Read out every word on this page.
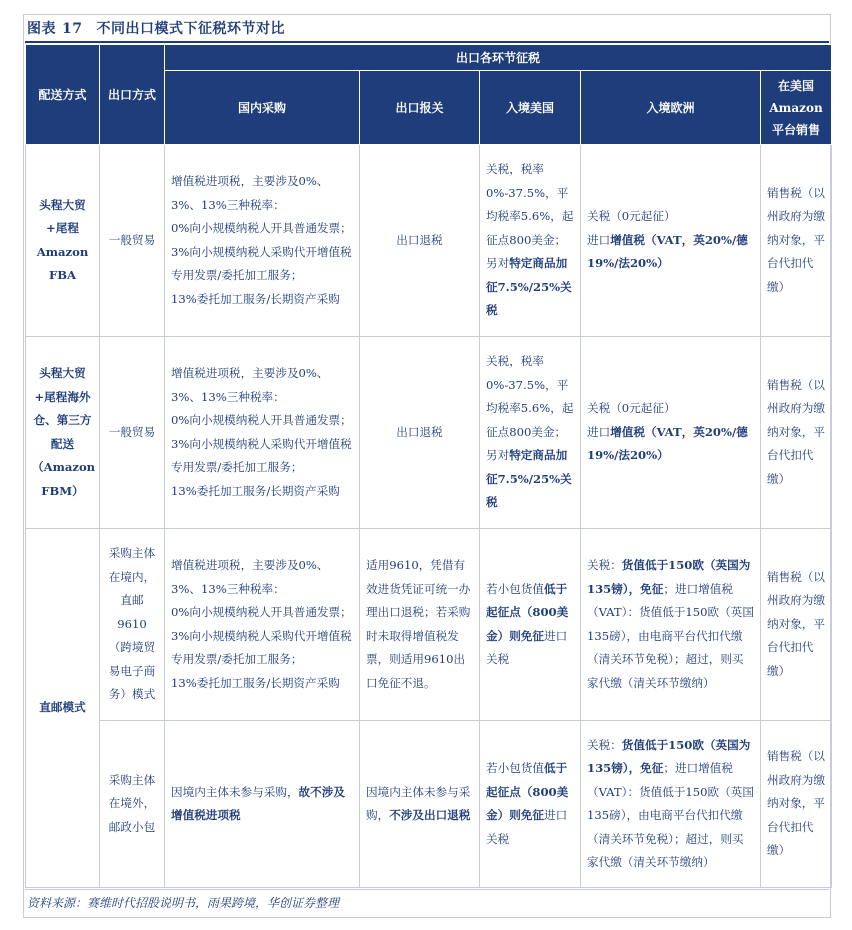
图表 17 不同出口模式下征税环节对比
配送方式	出口方式	出口各环节征税				
		国内采购	出口报关	入境美国	入境欧洲	在美国Amazon平台销售
头程大贸+尾程Amazon FBA	一般贸易	增值税进项税，主要涉及0%、3%、13%三种税率：
0%向小规模纳税人开具普通发票；
3%向小规模纳税人采购代开增值税专用发票/委托加工服务；
13%委托加工服务/长期资产采购	出口退税	关税，税率0%-37.5%，平均税率5.6%，起征点800美金；另对特定商品加征7.5%/25%关税	关税（0元起征）
进口增值税（VAT，英20%/德19%/法20%）	销售税（以州政府为缴纳对象，平台代扣代缴）
头程大贸+尾程海外仓、第三方配送（Amazon FBM）	一般贸易	增值税进项税，主要涉及0%、3%、13%三种税率：
0%向小规模纳税人开具普通发票；
3%向小规模纳税人采购代开增值税专用发票/委托加工服务；
13%委托加工服务/长期资产采购	出口退税	关税，税率0%-37.5%，平均税率5.6%，起征点800美金；另对特定商品加征7.5%/25%关税	关税（0元起征）
进口增值税（VAT，英20%/德19%/法20%）	销售税（以州政府为缴纳对象，平台代扣代缴）
直邮模式	采购主体在境内，直邮9610（跨境贸易电子商务）模式	增值税进项税，主要涉及0%、3%、13%三种税率：
0%向小规模纳税人开具普通发票；
3%向小规模纳税人采购代开增值税专用发票/委托加工服务；
13%委托加工服务/长期资产采购	适用9610，凭借有效进货凭证可统一办理出口退税；若采购时未取得增值税发票，则适用9610出口免征不退。	若小包货值低于起征点（800美金）则免征进口关税	关税：货值低于150欧（英国为135镑），免征；进口增值税（VAT）：货值低于150欧（英国135磅），由电商平台代扣代缴（清关环节免税）；超过，则买家代缴（清关环节缴纳）	销售税（以州政府为缴纳对象，平台代扣代缴）
	采购主体在境外，邮政小包	因境内主体未参与采购，故不涉及增值税进项税	因境内主体未参与采购，不涉及出口退税	若小包货值低于起征点（800美金）则免征进口关税	关税：货值低于150欧（英国为135镑），免征；进口增值税（VAT）：货值低于150欧（英国135磅），由电商平台代扣代缴（清关环节免税）；超过，则买家代缴（清关环节缴纳）	销售税（以州政府为缴纳对象，平台代扣代缴）
资料来源：赛维时代招股说明书，雨果跨境，华创证券整理
